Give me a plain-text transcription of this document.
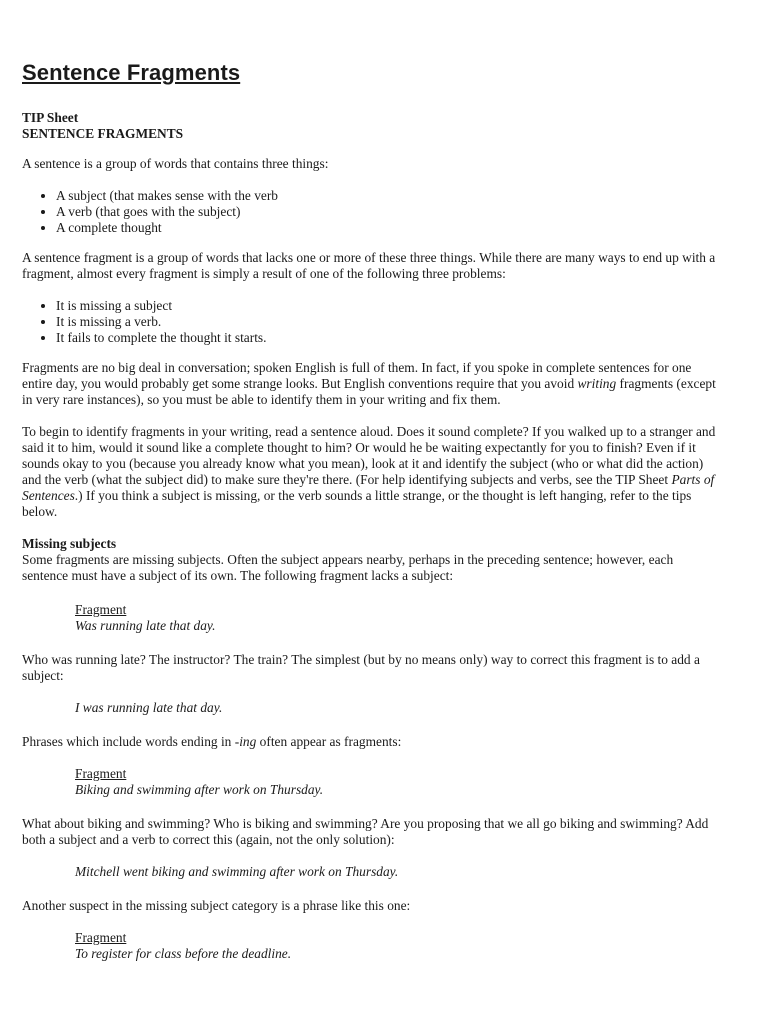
Sentence Fragments

TIP Sheet

SENTENCE FRAGMENTS

A sentence is a group of words that contains three things:

• A subject (that makes sense with the verb
• A verb (that goes with the subject)
• A complete thought

A sentence fragment is a group of words that lacks one or more of these three things. While there are many ways to end up with a fragment, almost every fragment is simply a result of one of the following three problems:

• It is missing a subject
• It is missing a verb.
• It fails to complete the thought it starts.

Fragments are no big deal in conversation; spoken English is full of them. In fact, if you spoke in complete sentences for one entire day, you would probably get some strange looks. But English conventions require that you avoid writing fragments (except in very rare instances), so you must be able to identify them in your writing and fix them.

To begin to identify fragments in your writing, read a sentence aloud. Does it sound complete? If you walked up to a stranger and said it to him, would it sound like a complete thought to him? Or would he be waiting expectantly for you to finish? Even if it sounds okay to you (because you already know what you mean), look at it and identify the subject (who or what did the action) and the verb (what the subject did) to make sure they're there. (For help identifying subjects and verbs, see the TIP Sheet Parts of Sentences.) If you think a subject is missing, or the verb sounds a little strange, or the thought is left hanging, refer to the tips below.

Missing subjects

Some fragments are missing subjects. Often the subject appears nearby, perhaps in the preceding sentence; however, each sentence must have a subject of its own. The following fragment lacks a subject:

Fragment
Was running late that day.

Who was running late? The instructor? The train? The simplest (but by no means only) way to correct this fragment is to add a subject:

I was running late that day.

Phrases which include words ending in -ing often appear as fragments:

Fragment
Biking and swimming after work on Thursday.

What about biking and swimming? Who is biking and swimming? Are you proposing that we all go biking and swimming? Add both a subject and a verb to correct this (again, not the only solution):

Mitchell went biking and swimming after work on Thursday.

Another suspect in the missing subject category is a phrase like this one:

Fragment
To register for class before the deadline.
